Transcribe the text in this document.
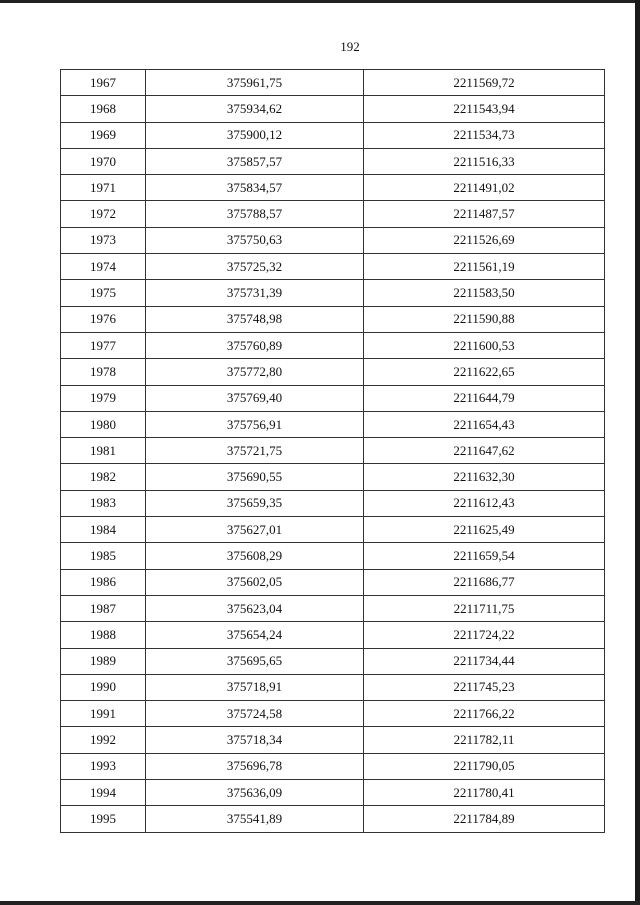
192
1967	375961,75	2211569,72
1968	375934,62	2211543,94
1969	375900,12	2211534,73
1970	375857,57	2211516,33
1971	375834,57	2211491,02
1972	375788,57	2211487,57
1973	375750,63	2211526,69
1974	375725,32	2211561,19
1975	375731,39	2211583,50
1976	375748,98	2211590,88
1977	375760,89	2211600,53
1978	375772,80	2211622,65
1979	375769,40	2211644,79
1980	375756,91	2211654,43
1981	375721,75	2211647,62
1982	375690,55	2211632,30
1983	375659,35	2211612,43
1984	375627,01	2211625,49
1985	375608,29	2211659,54
1986	375602,05	2211686,77
1987	375623,04	2211711,75
1988	375654,24	2211724,22
1989	375695,65	2211734,44
1990	375718,91	2211745,23
1991	375724,58	2211766,22
1992	375718,34	2211782,11
1993	375696,78	2211790,05
1994	375636,09	2211780,41
1995	375541,89	2211784,89
